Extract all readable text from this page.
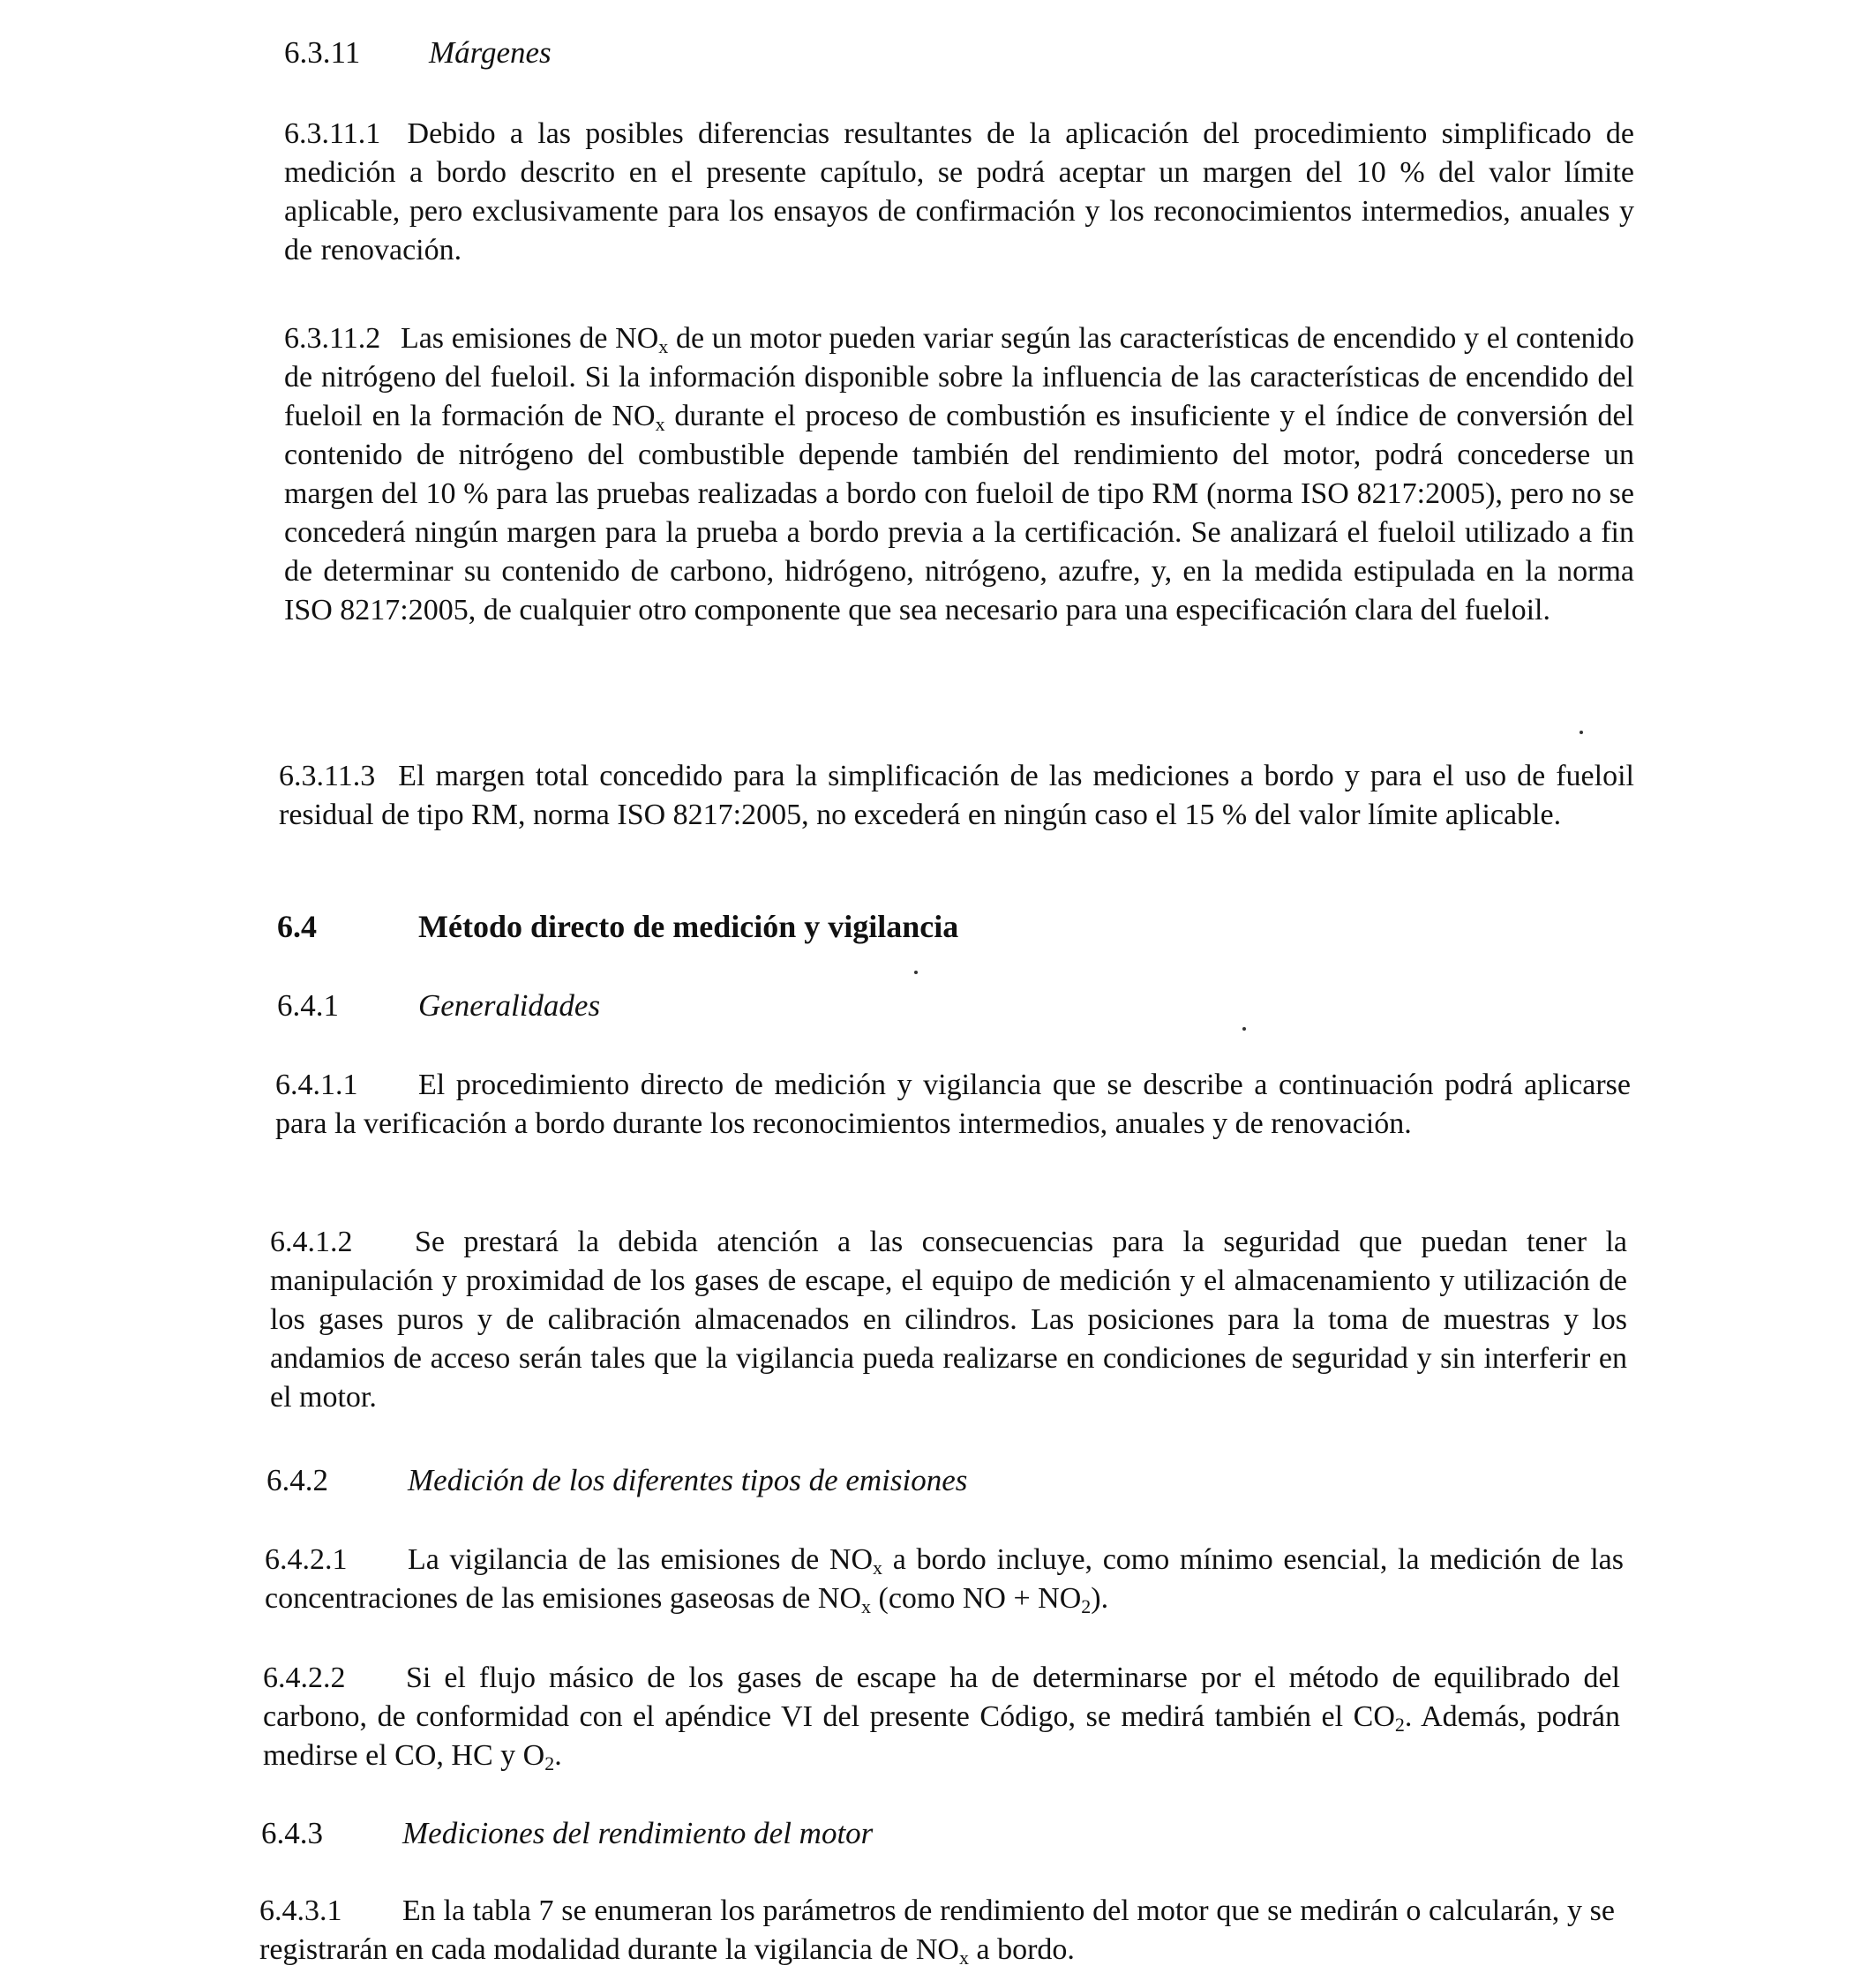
6.3.11 Márgenes
6.3.11.1 Debido a las posibles diferencias resultantes de la aplicación del procedimiento simplificado de medición a bordo descrito en el presente capítulo, se podrá aceptar un margen del 10 % del valor límite aplicable, pero exclusivamente para los ensayos de confirmación y los reconocimientos intermedios, anuales y de renovación.
6.3.11.2 Las emisiones de $NO_x$ de un motor pueden variar según las características de encendido y el contenido de nitrógeno del fueloil. Si la información disponible sobre la influencia de las características de encendido del fueloil en la formación de $NO_x$ durante el proceso de combustión es insuficiente y el índice de conversión del contenido de nitrógeno del combustible depende también del rendimiento del motor, podrá concederse un margen del 10 % para las pruebas realizadas a bordo con fueloil de tipo RM (norma ISO 8217:2005), pero no se concederá ningún margen para la prueba a bordo previa a la certificación. Se analizará el fueloil utilizado a fin de determinar su contenido de carbono, hidrógeno, nitrógeno, azufre, y, en la medida estipulada en la norma ISO 8217:2005, de cualquier otro componente que sea necesario para una especificación clara del fueloil.
6.3.11.3 El margen total concedido para la simplificación de las mediciones a bordo y para el uso de fueloil residual de tipo RM, norma ISO 8217:2005, no excederá en ningún caso el 15 % del valor límite aplicable.
6.4	Método directo de medición y vigilancia
6.4.1	Generalidades
6.4.1.1 El procedimiento directo de medición y vigilancia que se describe a continuación podrá aplicarse para la verificación a bordo durante los reconocimientos intermedios, anuales y de renovación.
6.4.1.2 Se prestará la debida atención a las consecuencias para la seguridad que puedan tener la manipulación y proximidad de los gases de escape, el equipo de medición y el almacenamiento y utilización de los gases puros y de calibración almacenados en cilindros. Las posiciones para la toma de muestras y los andamios de acceso serán tales que la vigilancia pueda realizarse en condiciones de seguridad y sin interferir en el motor.
6.4.2	Medición de los diferentes tipos de emisiones
6.4.2.1 La vigilancia de las emisiones de $NO_x$ a bordo incluye, como mínimo esencial, la medición de las concentraciones de las emisiones gaseosas de $NO_x$ (como NO + $NO_2$).
6.4.2.2 Si el flujo másico de los gases de escape ha de determinarse por el método de equilibrado del carbono, de conformidad con el apéndice VI del presente Código, se medirá también el $CO_2$. Además, podrán medirse el CO, HC y $O_2$.
6.4.3	Mediciones del rendimiento del motor
6.4.3.1 En la tabla 7 se enumeran los parámetros de rendimiento del motor que se medirán o calcularán, y se registrarán en cada modalidad durante la vigilancia de $NO_x$ a bordo.
